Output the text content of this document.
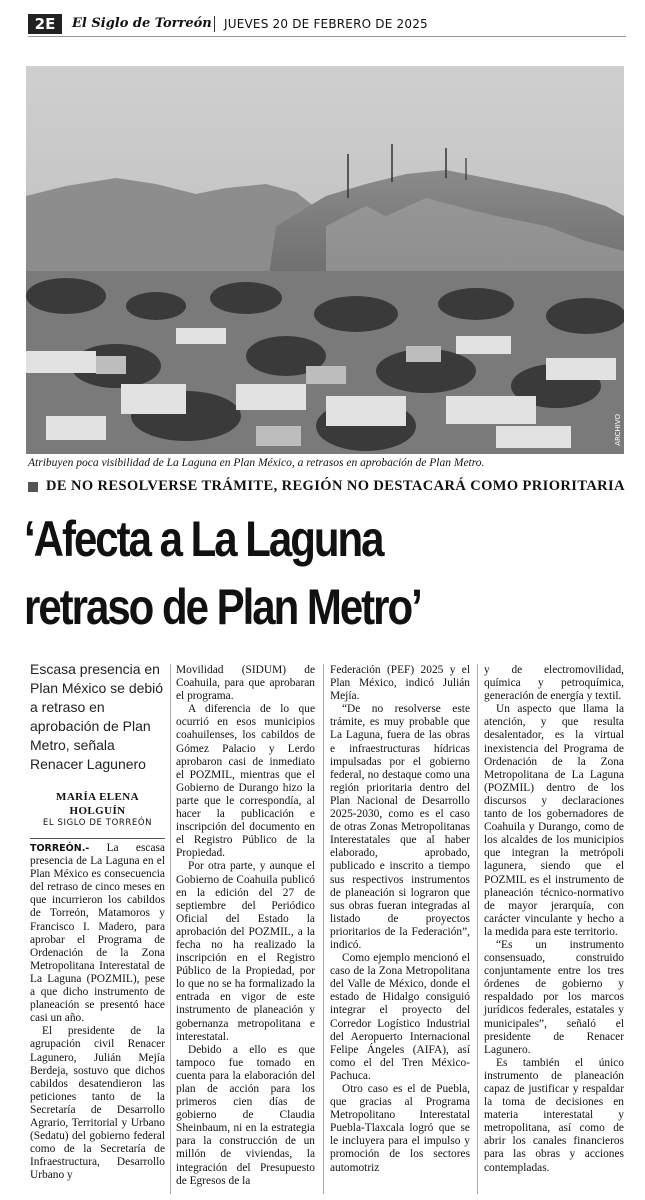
2E	El Siglo de Torreón JUEVES 20 DE FEBRERO DE 2025
ARCHIVO
Atribuyen poca visibilidad de La Laguna en Plan México, a retrasos en aprobación de Plan Metro.
DE NO RESOLVERSE TRÁMITE, REGIÓN NO DESTACARÁ COMO PRIORITARIA
‘Afecta a La Laguna
retraso de Plan Metro’
Escasa presencia en Plan México se debió a retraso en aprobación de Plan Metro, señala Renacer Lagunero
MARÍA ELENA HOLGUÍN
EL SIGLO DE TORREÓN

TORREÓN.- La escasa presencia de La Laguna en el Plan México es consecuencia del retraso de cinco meses en que incurrieron los cabildos de Torreón, Matamoros y Francisco I. Madero, para aprobar el Programa de Ordenación de la Zona Metropolitana Interestatal de La Laguna (POZMIL), pese a que dicho instrumento de planeación se presentó hace casi un año.

El presidente de la agrupación civil Renacer Lagunero, Julián Mejía Berdeja, sostuvo que dichos cabildos desatendieron las peticiones tanto de la Secretaría de Desarrollo Agrario, Territorial y Urbano (Sedatu) del gobierno federal como de la Secretaría de Infraestructura, Desarrollo Urbano y

Movilidad (SIDUM) de Coahuila, para que aprobaran el programa.

A diferencia de lo que ocurrió en esos municipios coahuilenses, los cabildos de Gómez Palacio y Lerdo aprobaron casi de inmediato el POZMIL, mientras que el Gobierno de Durango hizo la parte que le correspondía, al hacer la publicación e inscripción del documento en el Registro Público de la Propiedad.

Por otra parte, y aunque el Gobierno de Coahuila publicó en la edición del 27 de septiembre del Periódico Oficial del Estado la aprobación del POZMIL, a la fecha no ha realizado la inscripción en el Registro Público de la Propiedad, por lo que no se ha formalizado la entrada en vigor de este instrumento de planeación y gobernanza metropolitana e interestatal.

Debido a ello es que tampoco fue tomado en cuenta para la elaboración del plan de acción para los primeros cien días de gobierno de Claudia Sheinbaum, ni en la estrategia para la construcción de un millón de viviendas, la integración del Presupuesto de Egresos de la

Federación (PEF) 2025 y el Plan México, indicó Julián Mejía.

“De no resolverse este trámite, es muy probable que La Laguna, fuera de las obras e infraestructuras hídricas impulsadas por el gobierno federal, no destaque como una región prioritaria dentro del Plan Nacional de Desarrollo 2025-2030, como es el caso de otras Zonas Metropolitanas Interestatales que al haber elaborado, aprobado, publicado e inscrito a tiempo sus respectivos instrumentos de planeación si lograron que sus obras fueran integradas al listado de proyectos prioritarios de la Federación”, indicó.

Como ejemplo mencionó el caso de la Zona Metropolitana del Valle de México, donde el estado de Hidalgo consiguió integrar el proyecto del Corredor Logístico Industrial del Aeropuerto Internacional Felipe Ángeles (AIFA), así como el del Tren México-Pachuca.

Otro caso es el de Puebla, que gracias al Programa Metropolitano Interestatal Puebla-Tlaxcala logró que se le incluyera para el impulso y promoción de los sectores automotriz

y de electromovilidad, química y petroquímica, generación de energía y textil.

Un aspecto que llama la atención, y que resulta desalentador, es la virtual inexistencia del Programa de Ordenación de la Zona Metropolitana de La Laguna (POZMIL) dentro de los discursos y declaraciones tanto de los gobernadores de Coahuila y Durango, como de los alcaldes de los municipios que integran la metrópoli lagunera, siendo que el POZMIL es el instrumento de planeación técnico-normativo de mayor jerarquía, con carácter vinculante y hecho a la medida para este territorio.

“Es un instrumento consensuado, construido conjuntamente entre los tres órdenes de gobierno y respaldado por los marcos jurídicos federales, estatales y municipales”, señaló el presidente de Renacer Lagunero.

Es también el único instrumento de planeación capaz de justificar y respaldar la toma de decisiones en materia interestatal y metropolitana, así como de abrir los canales financieros para las obras y acciones contempladas.
